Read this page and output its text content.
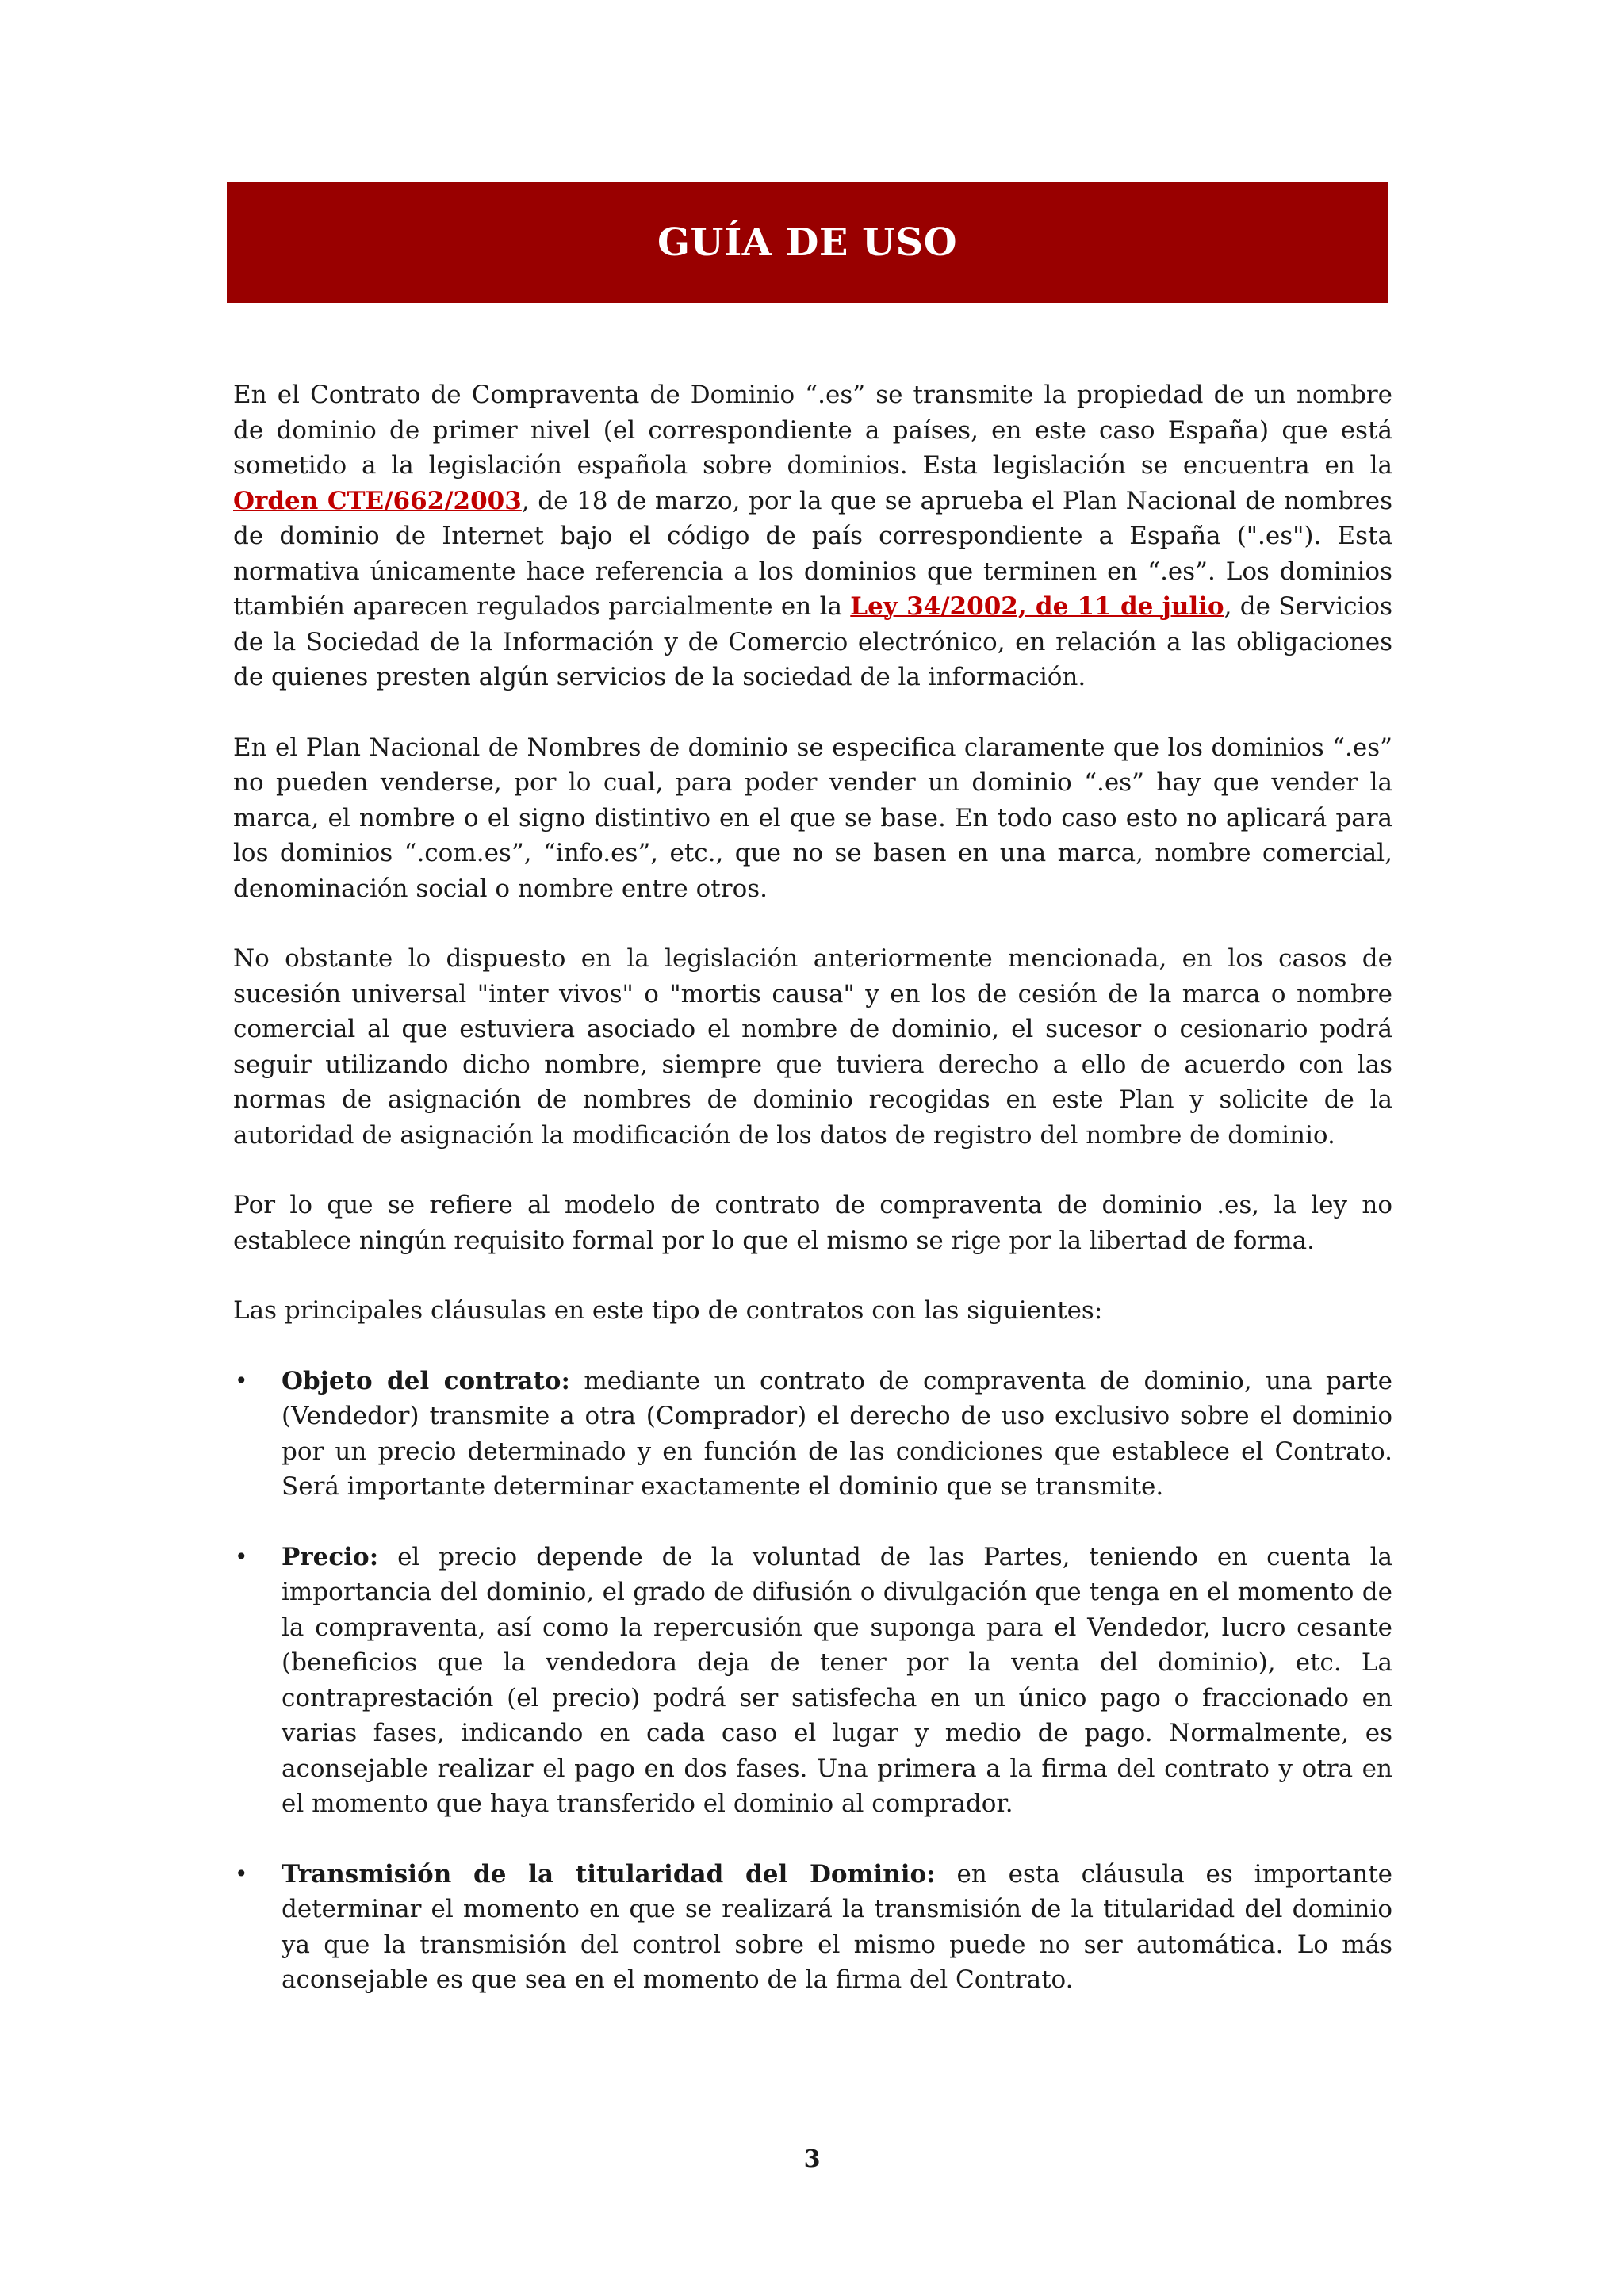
GUÍA DE USO

En el Contrato de Compraventa de Dominio “.es” se transmite la propiedad de un nombre de dominio de primer nivel (el correspondiente a países, en este caso España) que está sometido a la legislación española sobre dominios. Esta legislación se encuentra en la Orden CTE/662/2003, de 18 de marzo, por la que se aprueba el Plan Nacional de nombres de dominio de Internet bajo el código de país correspondiente a España (".es"). Esta normativa únicamente hace referencia a los dominios que terminen en “.es”. Los dominios ttambién aparecen regulados parcialmente en la Ley 34/2002, de 11 de julio, de Servicios de la Sociedad de la Información y de Comercio electrónico, en relación a las obligaciones de quienes presten algún servicios de la sociedad de la información.

En el Plan Nacional de Nombres de dominio se especifica claramente que los dominios “.es” no pueden venderse, por lo cual, para poder vender un dominio “.es” hay que vender la marca, el nombre o el signo distintivo en el que se base. En todo caso esto no aplicará para los dominios “.com.es”, “info.es”, etc., que no se basen en una marca, nombre comercial, denominación social o nombre entre otros.

No obstante lo dispuesto en la legislación anteriormente mencionada, en los casos de sucesión universal "inter vivos" o "mortis causa" y en los de cesión de la marca o nombre comercial al que estuviera asociado el nombre de dominio, el sucesor o cesionario podrá seguir utilizando dicho nombre, siempre que tuviera derecho a ello de acuerdo con las normas de asignación de nombres de dominio recogidas en este Plan y solicite de la autoridad de asignación la modificación de los datos de registro del nombre de dominio.

Por lo que se refiere al modelo de contrato de compraventa de dominio .es, la ley no establece ningún requisito formal por lo que el mismo se rige por la libertad de forma.

Las principales cláusulas en este tipo de contratos con las siguientes:

• Objeto del contrato: mediante un contrato de compraventa de dominio, una parte (Vendedor) transmite a otra (Comprador) el derecho de uso exclusivo sobre el dominio por un precio determinado y en función de las condiciones que establece el Contrato. Será importante determinar exactamente el dominio que se transmite.
• Precio: el precio depende de la voluntad de las Partes, teniendo en cuenta la importancia del dominio, el grado de difusión o divulgación que tenga en el momento de la compraventa, así como la repercusión que suponga para el Vendedor, lucro cesante (beneficios que la vendedora deja de tener por la venta del dominio), etc. La contraprestación (el precio) podrá ser satisfecha en un único pago o fraccionado en varias fases, indicando en cada caso el lugar y medio de pago. Normalmente, es aconsejable realizar el pago en dos fases. Una primera a la firma del contrato y otra en el momento que haya transferido el dominio al comprador.
• Transmisión de la titularidad del Dominio: en esta cláusula es importante determinar el momento en que se realizará la transmisión de la titularidad del dominio ya que la transmisión del control sobre el mismo puede no ser automática. Lo más aconsejable es que sea en el momento de la firma del Contrato.
3
